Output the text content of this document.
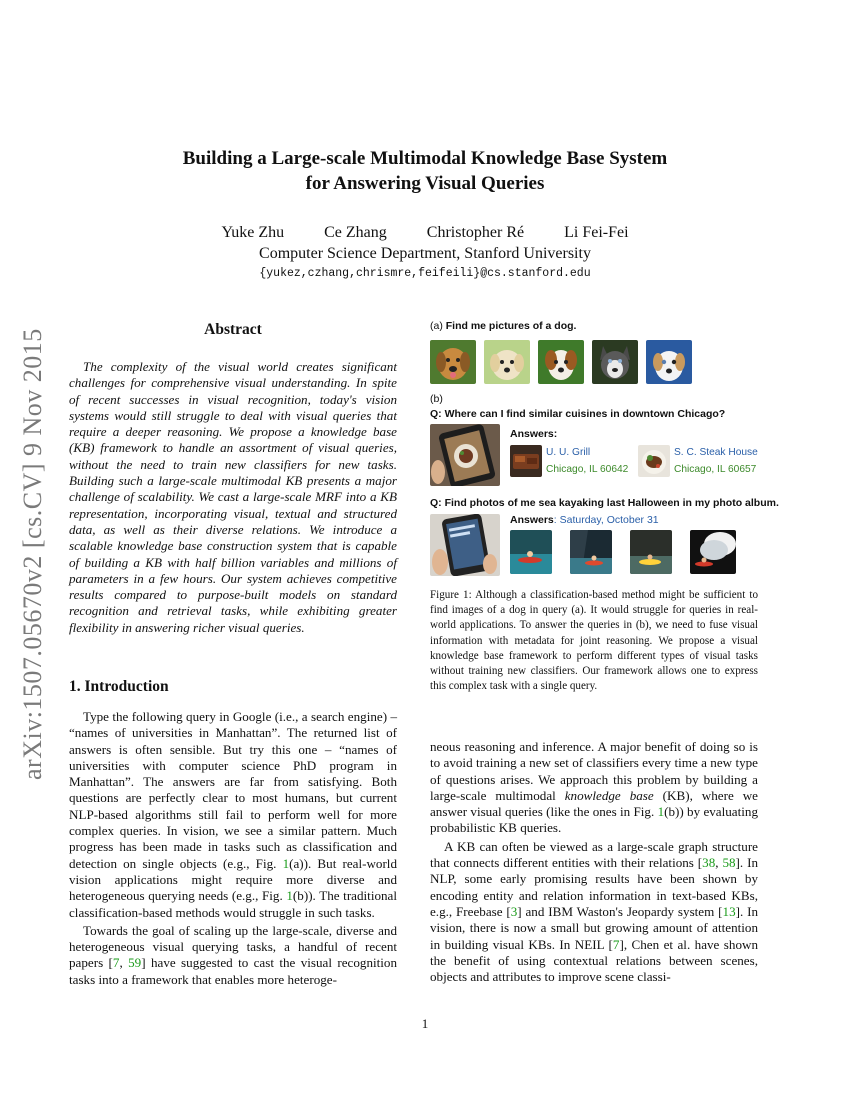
arXiv:1507.05670v2 [cs.CV] 9 Nov 2015
Building a Large-scale Multimodal Knowledge Base System
for Answering Visual Queries
Yuke Zhu	Ce Zhang	Christopher Ré	Li Fei-Fei
Computer Science Department, Stanford University
{yukez,czhang,chrismre,feifeili}@cs.stanford.edu
Abstract

The complexity of the visual world creates significant challenges for comprehensive visual understanding. In spite of recent successes in visual recognition, today's vision systems would still struggle to deal with visual queries that require a deeper reasoning. We propose a knowledge base (KB) framework to handle an assortment of visual queries, without the need to train new classifiers for new tasks. Building such a large-scale multimodal KB presents a major challenge of scalability. We cast a large-scale MRF into a KB representation, incorporating visual, textual and structured data, as well as their diverse relations. We introduce a scalable knowledge base construction system that is capable of building a KB with half billion variables and millions of parameters in a few hours. Our system achieves competitive results compared to purpose-built models on standard recognition and retrieval tasks, while exhibiting greater flexibility in answering richer visual queries.

1. Introduction

Type the following query in Google (i.e., a search engine) – “names of universities in Manhattan”. The returned list of answers is often sensible. But try this one – “names of universities with computer science PhD program in Manhattan”. The answers are far from satisfying. Both questions are perfectly clear to most humans, but current NLP-based algorithms still fail to perform well for more complex queries. In vision, we see a similar pattern. Much progress has been made in tasks such as classification and detection on single objects (e.g., Fig. 1(a)). But real-world vision applications might require more diverse and heterogeneous querying needs (e.g., Fig. 1(b)). The traditional classification-based methods would struggle in such tasks.

Towards the goal of scaling up the large-scale, diverse and heterogeneous visual querying tasks, a handful of recent papers [7, 59] have suggested to cast the visual recognition tasks into a framework that enables more heteroge-

(a) Find me pictures of a dog.
(b)
Q: Where can I find similar cuisines in downtown Chicago?
Answers:
U. U. Grill
Chicago, IL 60642
S. C. Steak House
Chicago, IL 60657
Q: Find photos of me sea kayaking last Halloween in my photo album.
Answers: Saturday, October 31
Figure 1: Although a classification-based method might be sufficient to find images of a dog in query (a). It would struggle for queries in real-world applications. To answer the queries in (b), we need to fuse visual information with metadata for joint reasoning. We propose a visual knowledge base framework to perform different types of visual tasks without training new classifiers. Our framework allows one to express this complex task with a single query.

neous reasoning and inference. A major benefit of doing so is to avoid training a new set of classifiers every time a new type of questions arises. We approach this problem by building a large-scale multimodal knowledge base (KB), where we answer visual queries (like the ones in Fig. 1(b)) by evaluating probabilistic KB queries.

A KB can often be viewed as a large-scale graph structure that connects different entities with their relations [38, 58]. In NLP, some early promising results have been shown by encoding entity and relation information in text-based KBs, e.g., Freebase [3] and IBM Waston's Jeopardy system [13]. In vision, there is now a small but growing amount of attention in building visual KBs. In NEIL [7], Chen et al. have shown the benefit of using contextual relations between scenes, objects and attributes to improve scene classi-

1
